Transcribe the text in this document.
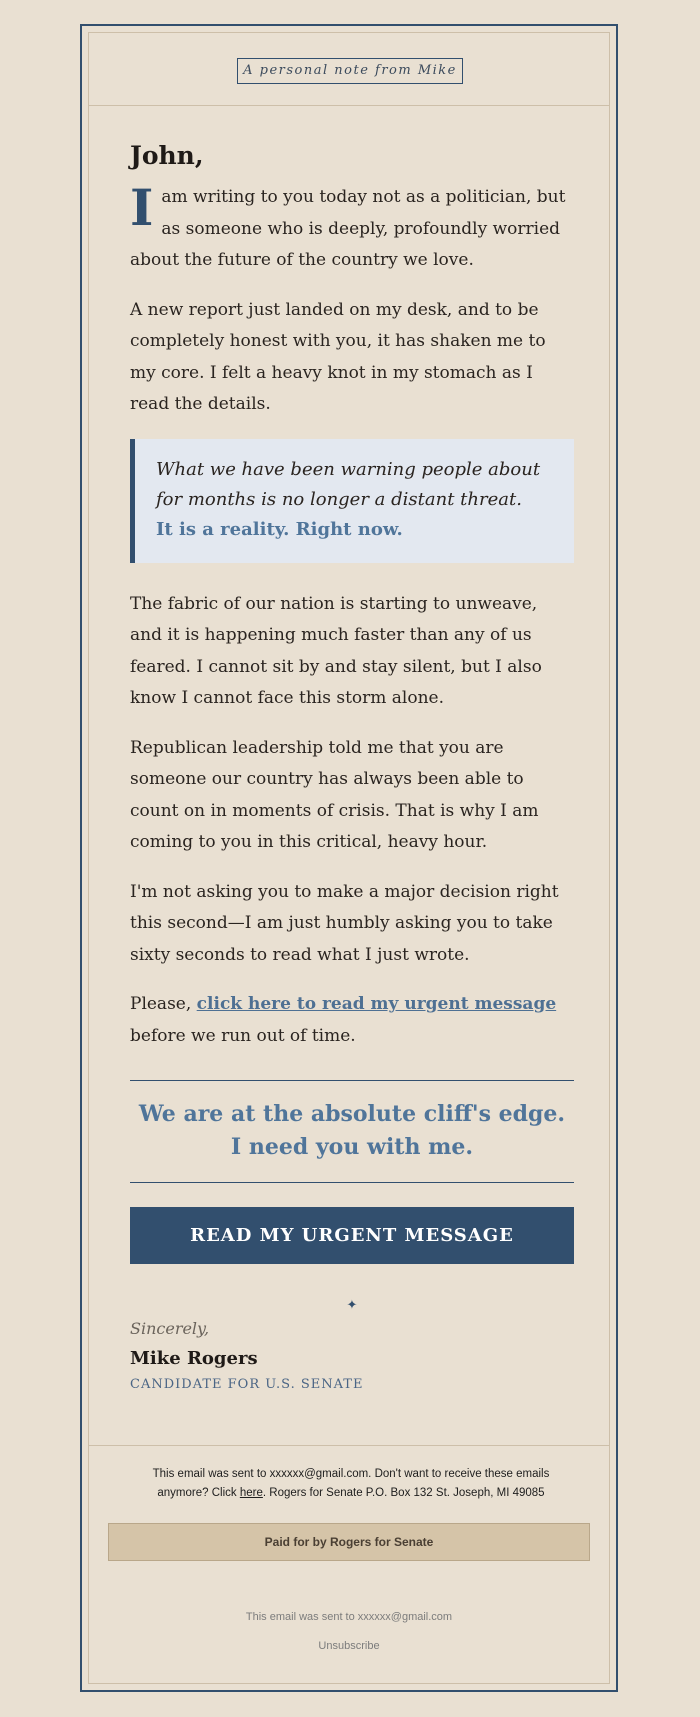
A personal note from Mike
John,

I am writing to you today not as a politician, but as someone who is deeply, profoundly worried about the future of the country we love.

A new report just landed on my desk, and to be completely honest with you, it has shaken me to my core. I felt a heavy knot in my stomach as I read the details.

What we have been warning people about for months is no longer a distant threat.
It is a reality. Right now.

The fabric of our nation is starting to unweave, and it is happening much faster than any of us feared. I cannot sit by and stay silent, but I also know I cannot face this storm alone.

Republican leadership told me that you are someone our country has always been able to count on in moments of crisis. That is why I am coming to you in this critical, heavy hour.

I'm not asking you to make a major decision right this second—I am just humbly asking you to take sixty seconds to read what I just wrote.

Please, click here to read my urgent message
before we run out of time.

We are at the absolute cliff's edge.
I need you with me.
READ MY URGENT MESSAGE
✦
Sincerely,
Mike Rogers
CANDIDATE FOR U.S. SENATE
This email was sent to xxxxxx@gmail.com. Don't want to receive these emails anymore? Click here. Rogers for Senate P.O. Box 132 St. Joseph, MI 49085
Paid for by Rogers for Senate
This email was sent to xxxxxx@gmail.com
Unsubscribe
